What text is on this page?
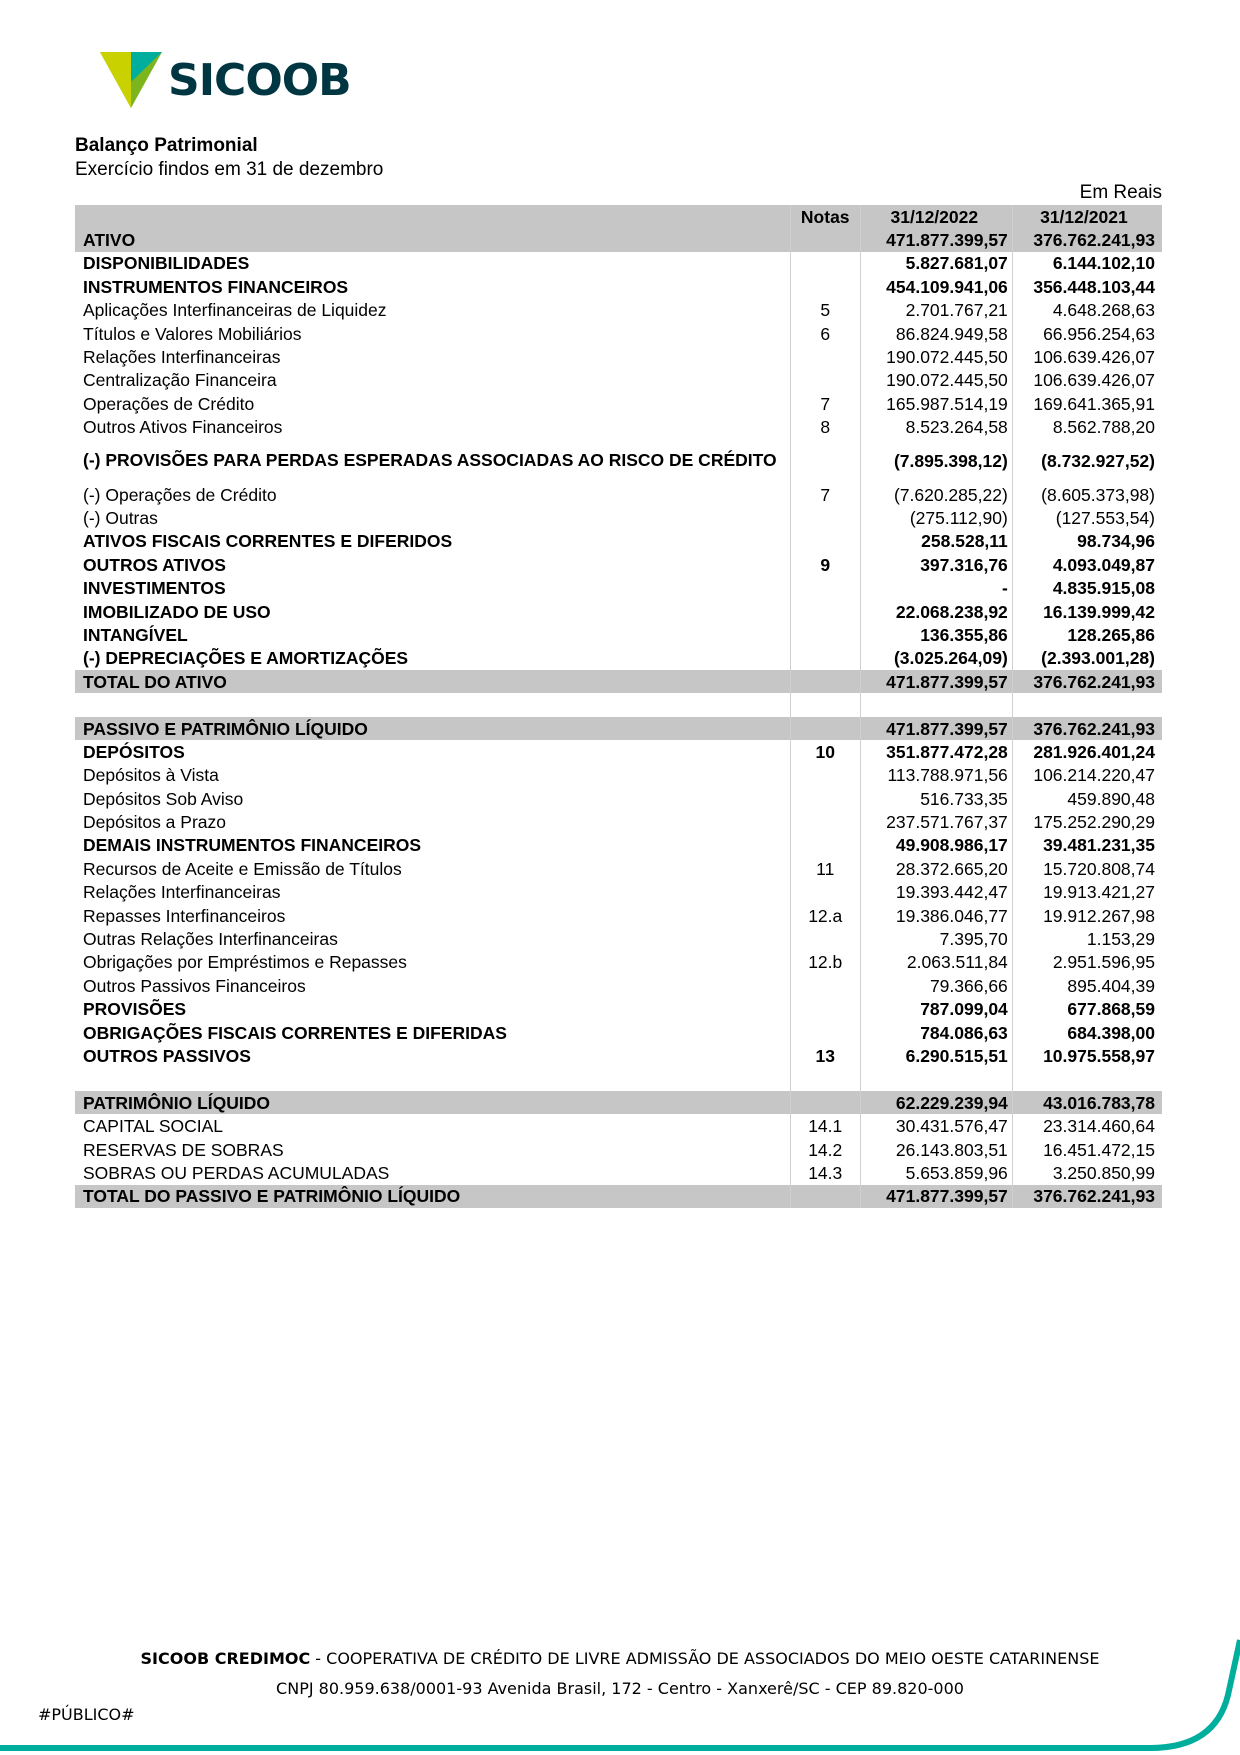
SICOOB
Balanço Patrimonial
Exercício findos em 31 de dezembro
Em Reais
	Notas	31/12/2022	31/12/2021
ATIVO		471.877.399,57	376.762.241,93
DISPONIBILIDADES		5.827.681,07	6.144.102,10
INSTRUMENTOS FINANCEIROS		454.109.941,06	356.448.103,44
Aplicações Interfinanceiras de Liquidez	5	2.701.767,21	4.648.268,63
Títulos e Valores Mobiliários	6	86.824.949,58	66.956.254,63
Relações Interfinanceiras		190.072.445,50	106.639.426,07
Centralização Financeira		190.072.445,50	106.639.426,07
Operações de Crédito	7	165.987.514,19	169.641.365,91
Outros Ativos Financeiros	8	8.523.264,58	8.562.788,20
(-) PROVISÕES PARA PERDAS ESPERADAS ASSOCIADAS AO RISCO DE CRÉDITO		(7.895.398,12)	(8.732.927,52)
(-) Operações de Crédito	7	(7.620.285,22)	(8.605.373,98)
(-) Outras		(275.112,90)	(127.553,54)
ATIVOS FISCAIS CORRENTES E DIFERIDOS		258.528,11	98.734,96
OUTROS ATIVOS	9	397.316,76	4.093.049,87
INVESTIMENTOS		-	4.835.915,08
IMOBILIZADO DE USO		22.068.238,92	16.139.999,42
INTANGÍVEL		136.355,86	128.265,86
(-) DEPRECIAÇÕES E AMORTIZAÇÕES		(3.025.264,09)	(2.393.001,28)
TOTAL DO ATIVO		471.877.399,57	376.762.241,93

PASSIVO E PATRIMÔNIO LÍQUIDO		471.877.399,57	376.762.241,93
DEPÓSITOS	10	351.877.472,28	281.926.401,24
Depósitos à Vista		113.788.971,56	106.214.220,47
Depósitos Sob Aviso		516.733,35	459.890,48
Depósitos a Prazo		237.571.767,37	175.252.290,29
DEMAIS INSTRUMENTOS FINANCEIROS		49.908.986,17	39.481.231,35
Recursos de Aceite e Emissão de Títulos	11	28.372.665,20	15.720.808,74
Relações Interfinanceiras		19.393.442,47	19.913.421,27
Repasses Interfinanceiros	12.a	19.386.046,77	19.912.267,98
Outras Relações Interfinanceiras		7.395,70	1.153,29
Obrigações por Empréstimos e Repasses	12.b	2.063.511,84	2.951.596,95
Outros Passivos Financeiros		79.366,66	895.404,39
PROVISÕES		787.099,04	677.868,59
OBRIGAÇÕES FISCAIS CORRENTES E DIFERIDAS		784.086,63	684.398,00
OUTROS PASSIVOS	13	6.290.515,51	10.975.558,97

PATRIMÔNIO LÍQUIDO		62.229.239,94	43.016.783,78
CAPITAL SOCIAL	14.1	30.431.576,47	23.314.460,64
RESERVAS DE SOBRAS	14.2	26.143.803,51	16.451.472,15
SOBRAS OU PERDAS ACUMULADAS	14.3	5.653.859,96	3.250.850,99
TOTAL DO PASSIVO E PATRIMÔNIO LÍQUIDO		471.877.399,57	376.762.241,93
SICOOB CREDIMOC - COOPERATIVA DE CRÉDITO DE LIVRE ADMISSÃO DE ASSOCIADOS DO MEIO OESTE CATARINENSE
CNPJ 80.959.638/0001-93 Avenida Brasil, 172 - Centro - Xanxerê/SC - CEP 89.820-000
#PÚBLICO#
